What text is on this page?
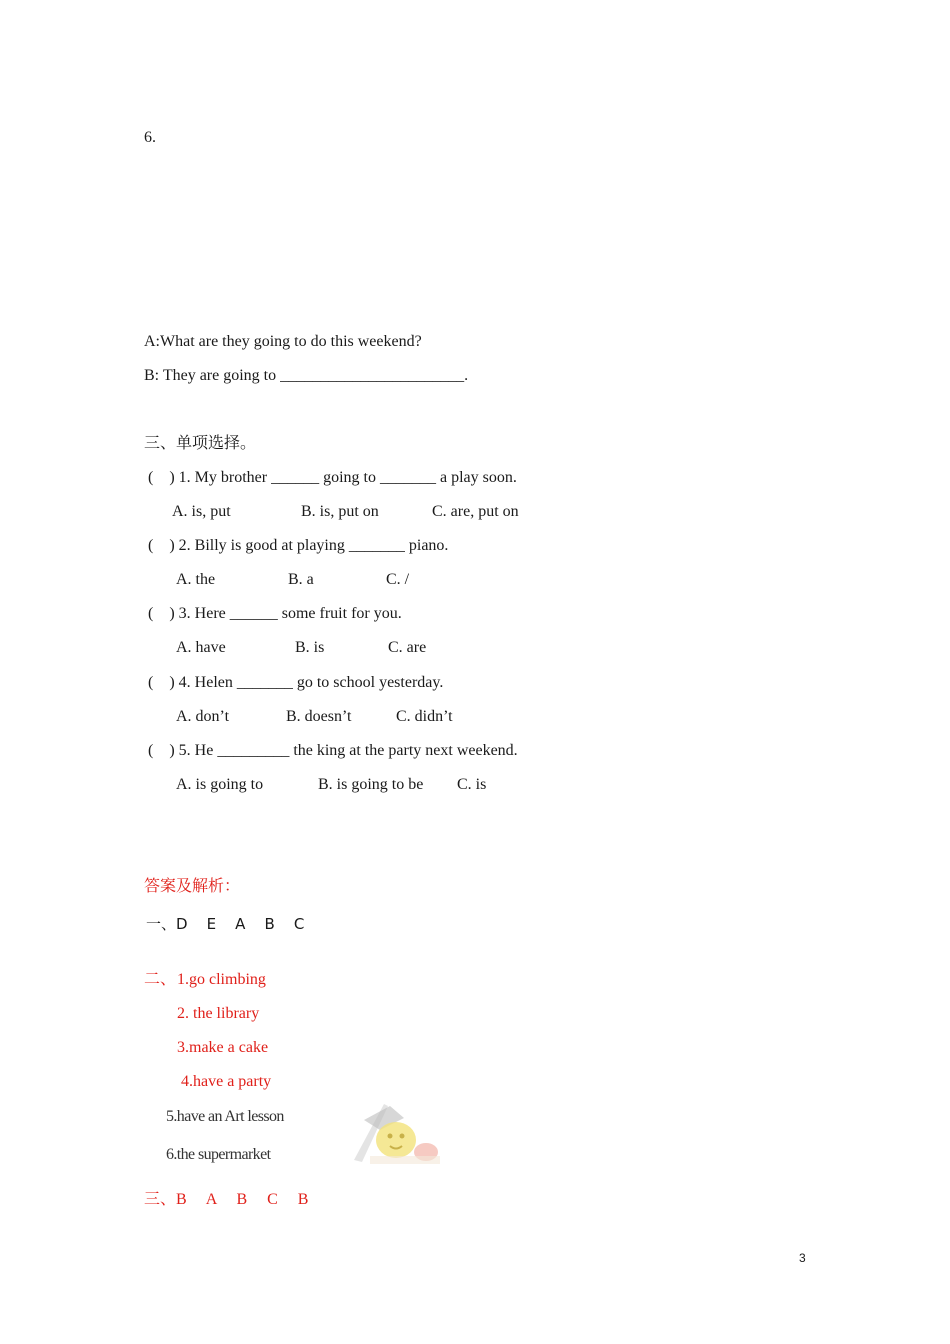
6.
A:What are they going to do this weekend?
B: They are going to _______________________.
三、单项选择。
(    ) 1. My brother ______ going to _______ a play soon.
A. is, put	B. is, put on	C. are, put on
(    ) 2. Billy is good at playing _______ piano.
A. the	B. a	C. /
(    ) 3. Here ______ some fruit for you.
A. have	B. is	C. are
(    ) 4. Helen _______ go to school yesterday.
A. don’t	B. doesn’t	C. didn’t
(    ) 5. He _________ the king at the party next weekend.
A. is going to	B. is going to be C. is
答案及解析：
一、D    E    A    B    C
二、 1.go climbing
2. the library
3.make a cake
4.have a party
5.have an Art lesson
6.the supermarket
三、B     A     B     C     B
3
